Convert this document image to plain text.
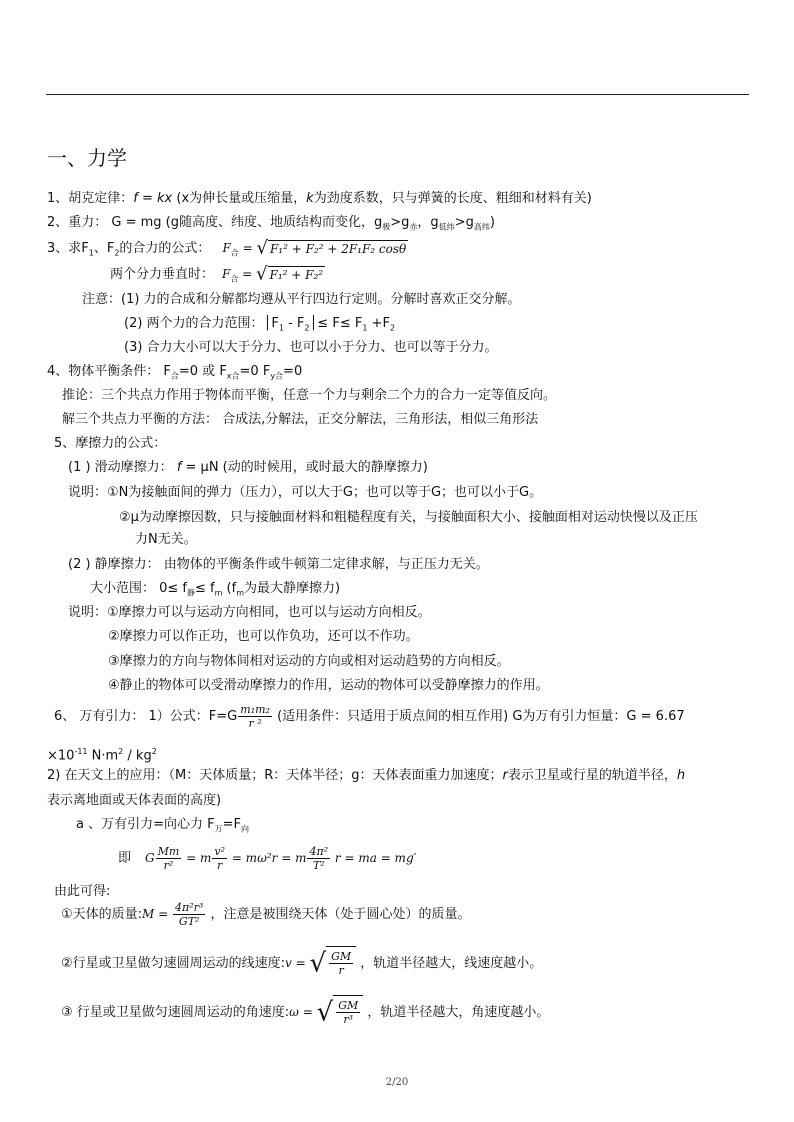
一、力学
1、胡克定律：f = kx (x为伸长量或压缩量，k为劲度系数，只与弹簧的长度、粗细和材料有关)
2、重力： G = mg (g随高度、纬度、地质结构而变化，$g_极>g_赤$，$g_{低纬}>g_{高纬}$)
3、求$F_1$、$F_2$的合力的公式： $F_合$ = √ F₁² + F₂² + 2F₁F₂ cosθ
两个分力垂直时： $F_合$ = √ F₁² + F₂²
注意：(1) 力的合成和分解都均遵从平行四边行定则。分解时喜欢正交分解。
(2) 两个力的合力范围：$│F_1$ - $F_2│\le F\le F_1 +F_2$
(3) 合力大小可以大于分力、也可以小于分力、也可以等于分力。
4、物体平衡条件： $F_合=0$ 或 $F_{x合}=0$ $F_{y合}=0$
推论：三个共点力作用于物体而平衡，任意一个力与剩余二个力的合力一定等值反向。
解三个共点力平衡的方法： 合成法,分解法，正交分解法，三角形法，相似三角形法
5、摩擦力的公式：
(1 ) 滑动摩擦力： f = μN (动的时候用，或时最大的静摩擦力)
说明：①N为接触面间的弹力（压力），可以大于G；也可以等于G；也可以小于G。
②μ为动摩擦因数，只与接触面材料和粗糙程度有关，与接触面积大小、接触面相对运动快慢以及正压
力N无关。
(2 ) 静摩擦力： 由物体的平衡条件或牛顿第二定律求解，与正压力无关。
大小范围： $0\le f_静\le f_m$ ($f_m$为最大静摩擦力)
说明：①摩擦力可以与运动方向相同，也可以与运动方向相反。
②摩擦力可以作正功，也可以作负功，还可以不作功。
③摩擦力的方向与物体间相对运动的方向或相对运动趋势的方向相反。
④静止的物体可以受滑动摩擦力的作用，运动的物体可以受静摩擦力的作用。
6、 万有引力： 1）公式：$F=G \frac{\text{m₁m₂}}{\text{r ²}}$ (适用条件：只适用于质点间的相互作用) G为万有引力恒量：G = 6.67
$\times 10^{-11}$ $N\cdot m^2 / kg^2$
2) 在天文上的应用：（M：天体质量；R：天体半径；g：天体表面重力加速度；r表示卫星或行星的轨道半径，h
表示离地面或天体表面的高度)
a 、万有引力=向心力 $F_万=F_向$
即 G $\frac{Mm}{\text{r²}} = m \frac{\text{v²}}{r} = m\omega^2r = m \frac{\text{4π²}}{\text{T²}}$ r = ma = mg′
由此可得:
①天体的质量:M = $\frac{\text{4π²r³}}{\text{GT²}}$ ，注意是被围绕天体（处于圆心处）的质量。
②行星或卫星做匀速圆周运动的线速度:v = √ $\frac{GM}{r}$ ，轨道半径越大，线速度越小。
③ 行星或卫星做匀速圆周运动的角速度:ω = √ $\frac{GM}{\text{r³}}$ ，轨道半径越大，角速度越小。
2/20
